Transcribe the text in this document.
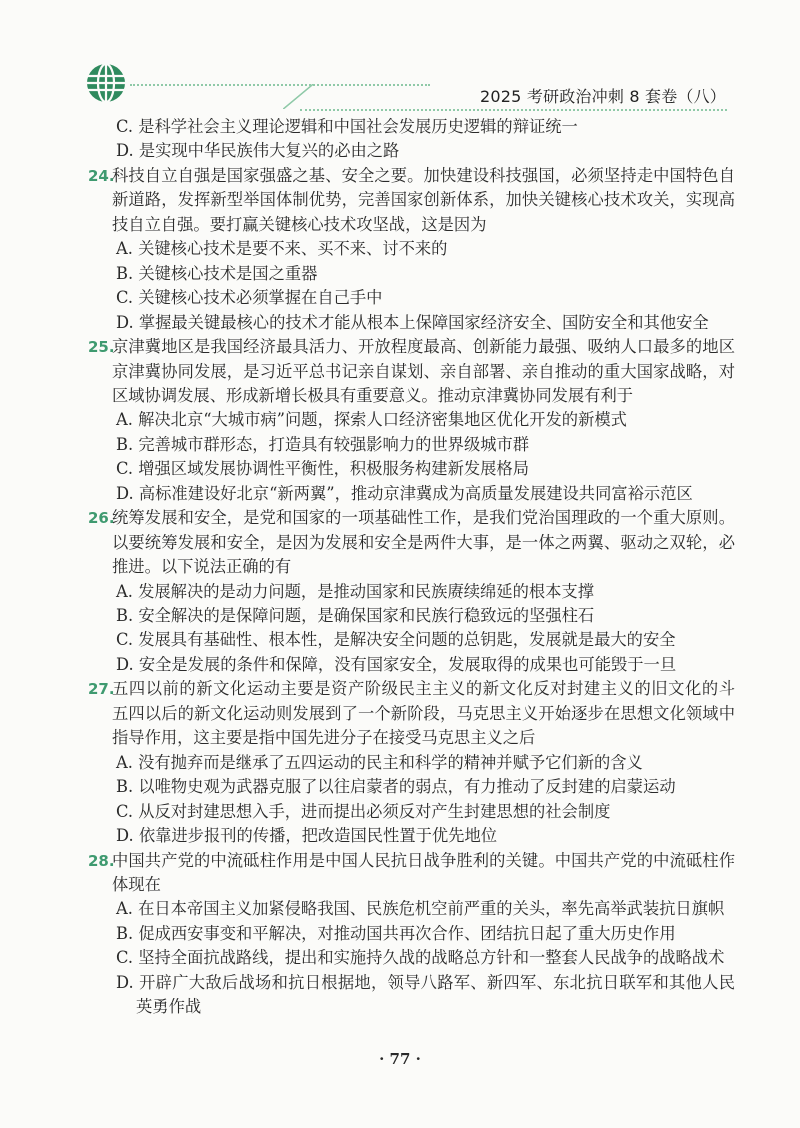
2025 考研政治冲刺 8 套卷（八）
C. 是科学社会主义理论逻辑和中国社会发展历史逻辑的辩证统一
D. 是实现中华民族伟大复兴的必由之路
24.
科技自立自强是国家强盛之基、安全之要。加快建设科技强国，必须坚持走中国特色自
新道路，发挥新型举国体制优势，完善国家创新体系，加快关键核心技术攻关，实现高
技自立自强。要打赢关键核心技术攻坚战，这是因为
A. 关键核心技术是要不来、买不来、讨不来的
B. 关键核心技术是国之重器
C. 关键核心技术必须掌握在自己手中
D. 掌握最关键最核心的技术才能从根本上保障国家经济安全、国防安全和其他安全
25.
京津冀地区是我国经济最具活力、开放程度最高、创新能力最强、吸纳人口最多的地区
京津冀协同发展，是习近平总书记亲自谋划、亲自部署、亲自推动的重大国家战略，对
区域协调发展、形成新增长极具有重要意义。推动京津冀协同发展有利于
A. 解决北京“大城市病”问题，探索人口经济密集地区优化开发的新模式
B. 完善城市群形态，打造具有较强影响力的世界级城市群
C. 增强区域发展协调性平衡性，积极服务构建新发展格局
D. 高标准建设好北京“新两翼”，推动京津冀成为高质量发展建设共同富裕示范区
26.
统筹发展和安全，是党和国家的一项基础性工作，是我们党治国理政的一个重大原则。
以要统筹发展和安全，是因为发展和安全是两件大事，是一体之两翼、驱动之双轮，必
推进。以下说法正确的有
A. 发展解决的是动力问题，是推动国家和民族赓续绵延的根本支撑
B. 安全解决的是保障问题，是确保国家和民族行稳致远的坚强柱石
C. 发展具有基础性、根本性，是解决安全问题的总钥匙，发展就是最大的安全
D. 安全是发展的条件和保障，没有国家安全，发展取得的成果也可能毁于一旦
27.
五四以前的新文化运动主要是资产阶级民主主义的新文化反对封建主义的旧文化的斗
五四以后的新文化运动则发展到了一个新阶段，马克思主义开始逐步在思想文化领域中
指导作用，这主要是指中国先进分子在接受马克思主义之后
A. 没有抛弃而是继承了五四运动的民主和科学的精神并赋予它们新的含义
B. 以唯物史观为武器克服了以往启蒙者的弱点，有力推动了反封建的启蒙运动
C. 从反对封建思想入手，进而提出必须反对产生封建思想的社会制度
D. 依靠进步报刊的传播，把改造国民性置于优先地位
28.
中国共产党的中流砥柱作用是中国人民抗日战争胜利的关键。中国共产党的中流砥柱作
体现在
A. 在日本帝国主义加紧侵略我国、民族危机空前严重的关头，率先高举武装抗日旗帜
B. 促成西安事变和平解决，对推动国共再次合作、团结抗日起了重大历史作用
C. 坚持全面抗战路线，提出和实施持久战的战略总方针和一整套人民战争的战略战术
D. 开辟广大敌后战场和抗日根据地，领导八路军、新四军、东北抗日联军和其他人民
英勇作战
· 77 ·
